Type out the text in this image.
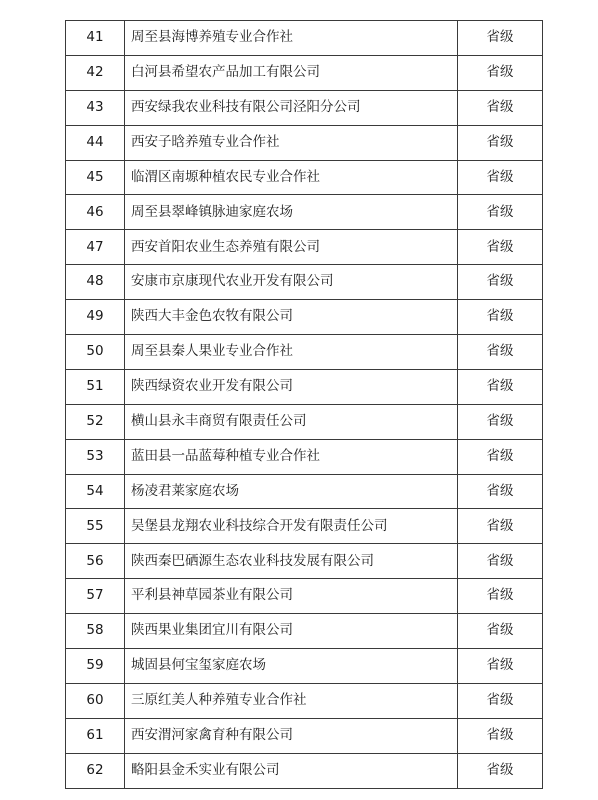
41	周至县海博养殖专业合作社	省级
42	白河县希望农产品加工有限公司	省级
43	西安绿我农业科技有限公司泾阳分公司	省级
44	西安子晗养殖专业合作社	省级
45	临渭区南塬种植农民专业合作社	省级
46	周至县翠峰镇脉迪家庭农场	省级
47	西安首阳农业生态养殖有限公司	省级
48	安康市京康现代农业开发有限公司	省级
49	陕西大丰金色农牧有限公司	省级
50	周至县秦人果业专业合作社	省级
51	陕西绿资农业开发有限公司	省级
52	横山县永丰商贸有限责任公司	省级
53	蓝田县一品蓝莓种植专业合作社	省级
54	杨凌君莱家庭农场	省级
55	吴堡县龙翔农业科技综合开发有限责任公司	省级
56	陕西秦巴硒源生态农业科技发展有限公司	省级
57	平利县神草园茶业有限公司	省级
58	陕西果业集团宜川有限公司	省级
59	城固县何宝玺家庭农场	省级
60	三原红美人种养殖专业合作社	省级
61	西安渭河家禽育种有限公司	省级
62	略阳县金禾实业有限公司	省级
